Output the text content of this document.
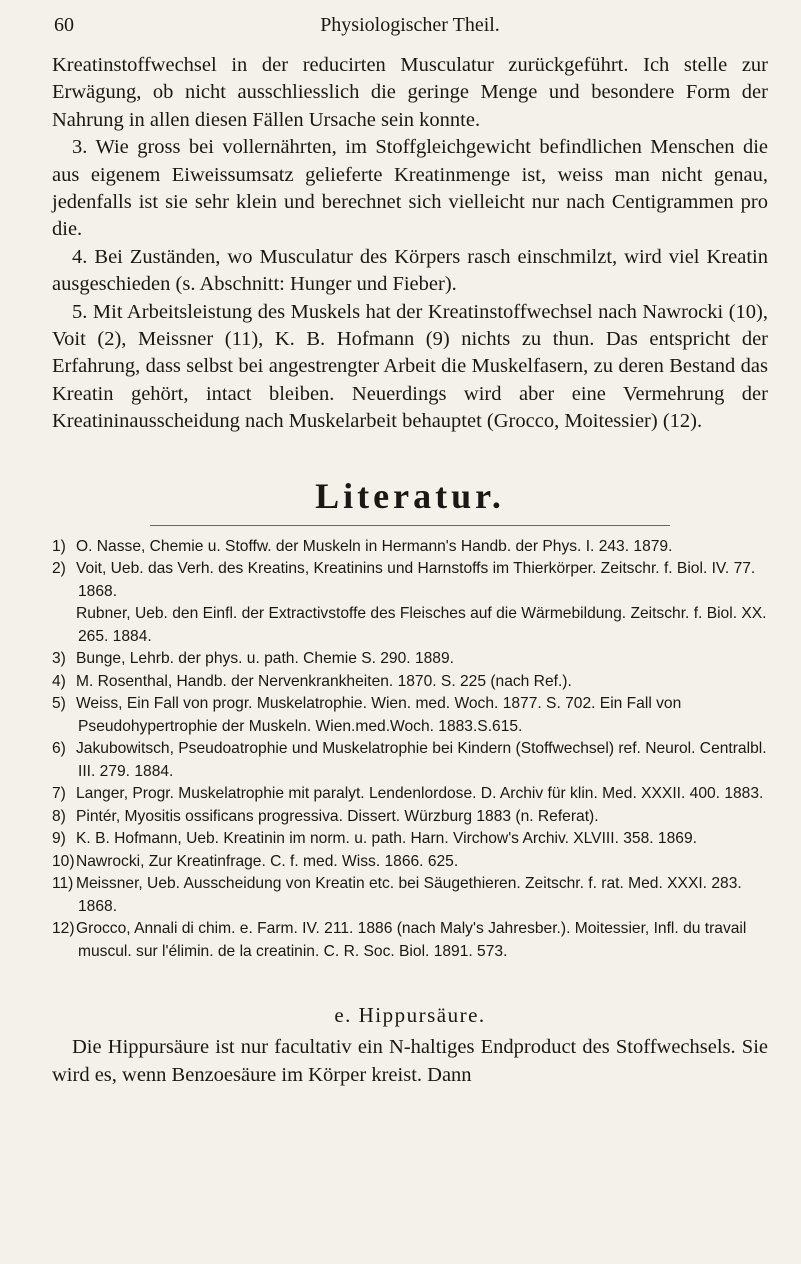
60	Physiologischer Theil.

Kreatinstoffwechsel in der reducirten Musculatur zurückgeführt. Ich stelle zur Erwägung, ob nicht ausschliesslich die geringe Menge und besondere Form der Nahrung in allen diesen Fällen Ursache sein konnte.

3. Wie gross bei vollernährten, im Stoffgleichgewicht befindlichen Menschen die aus eigenem Eiweissumsatz gelieferte Kreatinmenge ist, weiss man nicht genau, jedenfalls ist sie sehr klein und berechnet sich vielleicht nur nach Centigrammen pro die.

4. Bei Zuständen, wo Musculatur des Körpers rasch einschmilzt, wird viel Kreatin ausgeschieden (s. Abschnitt: Hunger und Fieber).

5. Mit Arbeitsleistung des Muskels hat der Kreatinstoffwechsel nach Nawrocki (10), Voit (2), Meissner (11), K. B. Hofmann (9) nichts zu thun. Das entspricht der Erfahrung, dass selbst bei angestrengter Arbeit die Muskelfasern, zu deren Bestand das Kreatin gehört, intact bleiben. Neuerdings wird aber eine Vermehrung der Kreatininausscheidung nach Muskelarbeit behauptet (Grocco, Moitessier) (12).

Literatur.

1) O. Nasse, Chemie u. Stoffw. der Muskeln in Hermann's Handb. der Phys. I. 243. 1879.

2) Voit, Ueb. das Verh. des Kreatins, Kreatinins und Harnstoffs im Thierkörper. Zeitschr. f. Biol. IV. 77. 1868.

Rubner, Ueb. den Einfl. der Extractivstoffe des Fleisches auf die Wärmebildung. Zeitschr. f. Biol. XX. 265. 1884.

3) Bunge, Lehrb. der phys. u. path. Chemie S. 290. 1889.

4) M. Rosenthal, Handb. der Nervenkrankheiten. 1870. S. 225 (nach Ref.).

5) Weiss, Ein Fall von progr. Muskelatrophie. Wien. med. Woch. 1877. S. 702. Ein Fall von Pseudohypertrophie der Muskeln. Wien.med.Woch. 1883.S.615.

6) Jakubowitsch, Pseudoatrophie und Muskelatrophie bei Kindern (Stoffwechsel) ref. Neurol. Centralbl. III. 279. 1884.

7) Langer, Progr. Muskelatrophie mit paralyt. Lendenlordose. D. Archiv für klin. Med. XXXII. 400. 1883.

8) Pintér, Myositis ossificans progressiva. Dissert. Würzburg 1883 (n. Referat).

9) K. B. Hofmann, Ueb. Kreatinin im norm. u. path. Harn. Virchow's Archiv. XLVIII. 358. 1869.

10)Nawrocki, Zur Kreatinfrage. C. f. med. Wiss. 1866. 625.

11) Meissner, Ueb. Ausscheidung von Kreatin etc. bei Säugethieren. Zeitschr. f. rat. Med. XXXI. 283. 1868.

12)Grocco, Annali di chim. e. Farm. IV. 211. 1886 (nach Maly's Jahresber.). Moitessier, Infl. du travail muscul. sur l'élimin. de la creatinin. C. R. Soc. Biol. 1891. 573.

e. Hippursäure.

Die Hippursäure ist nur facultativ ein N-haltiges Endproduct des Stoffwechsels. Sie wird es, wenn Benzoesäure im Körper kreist. Dann
